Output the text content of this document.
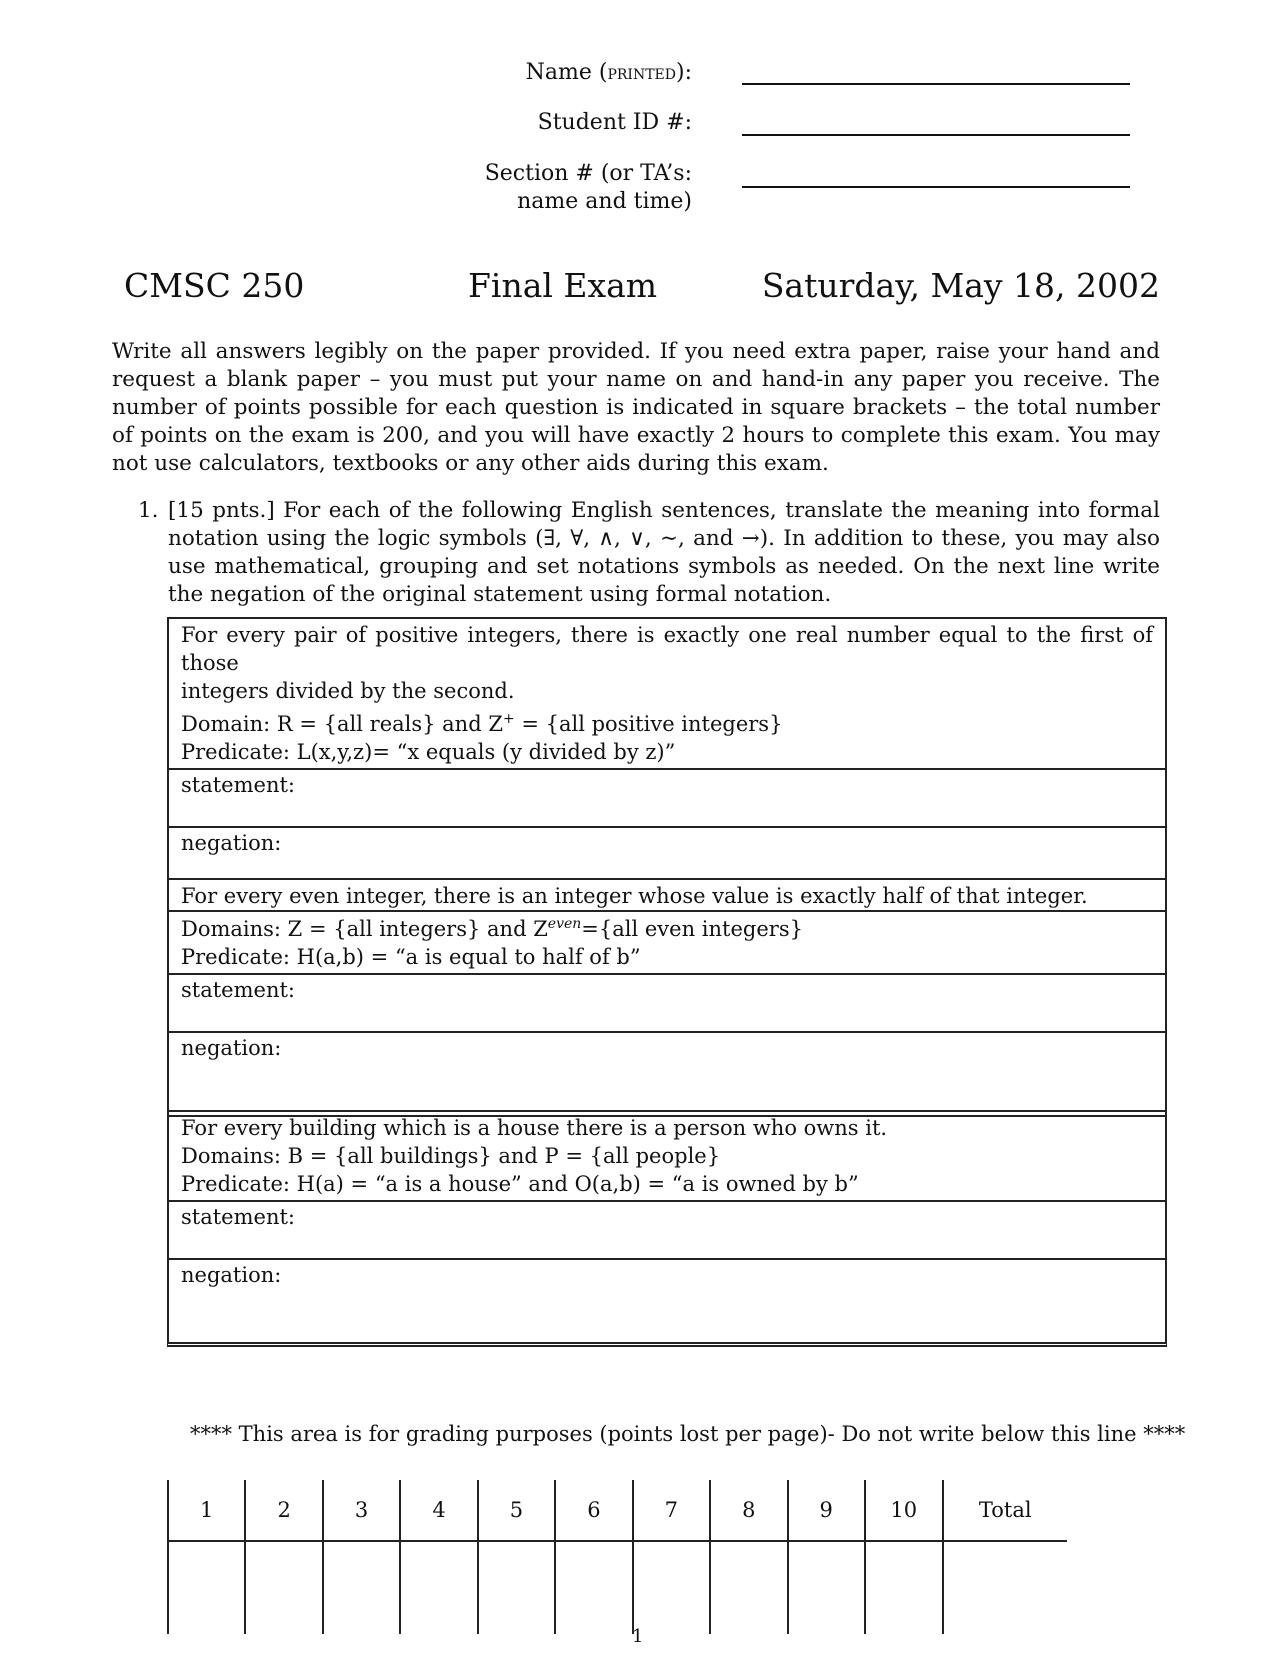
Name (printed):
Student ID #:
Section # (or TA’s:
name and time)
CMSC 250	Final Exam	Saturday, May 18, 2002

Write all answers legibly on the paper provided. If you need extra paper, raise your hand and request a blank paper – you must put your name on and hand-in any paper you receive. The number of points possible for each question is indicated in square brackets – the total number of points on the exam is 200, and you will have exactly 2 hours to complete this exam. You may not use calculators, textbooks or any other aids during this exam.

1. [15 pnts.] For each of the following English sentences, translate the meaning into formal notation using the logic symbols (∃, ∀, ∧, ∨, ∼, and →). In addition to these, you may also use mathematical, grouping and set notations symbols as needed. On the next line write the negation of the original statement using formal notation.

For every pair of positive integers, there is exactly one real number equal to the first of those
integers divided by the second.
Domain: R = {all reals} and Z+ = {all positive integers}
Predicate: L(x,y,z)= “x equals (y divided by z)”
statement:
negation:
For every even integer, there is an integer whose value is exactly half of that integer.
Domains: Z = {all integers} and $Z^{even}=\{all$ even integers}
Predicate: H(a,b) = “a is equal to half of b”
statement:
negation:
For every building which is a house there is a person who owns it.
Domains: B = {all buildings} and P = {all people}
Predicate: H(a) = “a is a house” and O(a,b) = “a is owned by b”
statement:
negation:
**** This area is for grading purposes (points lost per page)- Do not write below this line ****
1	2	3	4	5	6	7	8	9	10	Total

1
